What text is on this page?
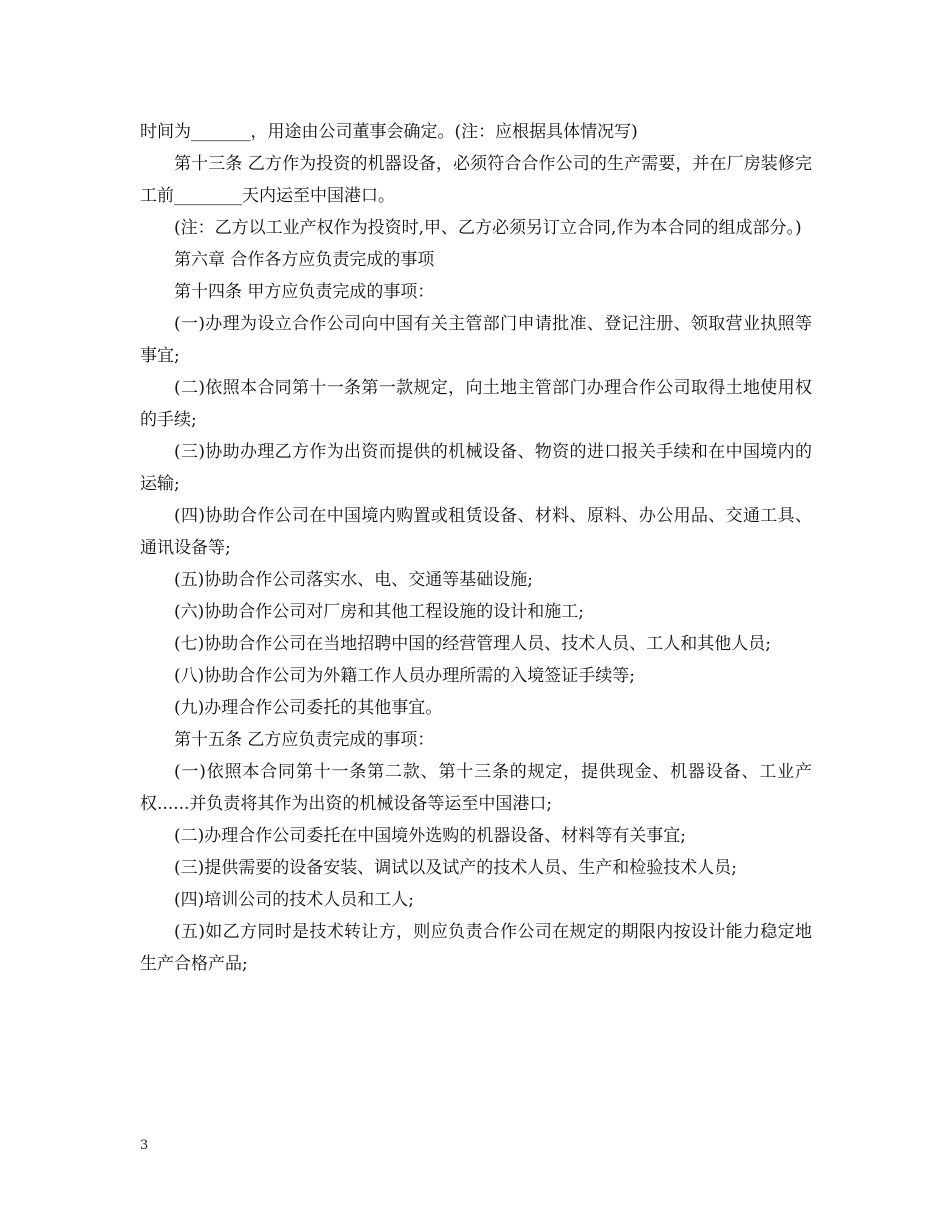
时间为_______，用途由公司董事会确定。(注：应根据具体情况写)

第十三条 乙方作为投资的机器设备，必须符合合作公司的生产需要，并在厂房装修完工前________天内运至中国港口。

(注：乙方以工业产权作为投资时,甲、乙方必须另订立合同,作为本合同的组成部分。)

第六章 合作各方应负责完成的事项

第十四条 甲方应负责完成的事项：

(一)办理为设立合作公司向中国有关主管部门申请批准、登记注册、领取营业执照等事宜;

(二)依照本合同第十一条第一款规定，向土地主管部门办理合作公司取得土地使用权的手续;

(三)协助办理乙方作为出资而提供的机械设备、物资的进口报关手续和在中国境内的运输;

(四)协助合作公司在中国境内购置或租赁设备、材料、原料、办公用品、交通工具、通讯设备等;

(五)协助合作公司落实水、电、交通等基础设施;

(六)协助合作公司对厂房和其他工程设施的设计和施工;

(七)协助合作公司在当地招聘中国的经营管理人员、技术人员、工人和其他人员;

(八)协助合作公司为外籍工作人员办理所需的入境签证手续等;

(九)办理合作公司委托的其他事宜。

第十五条 乙方应负责完成的事项：

(一)依照本合同第十一条第二款、第十三条的规定，提供现金、机器设备、工业产权......并负责将其作为出资的机械设备等运至中国港口;

(二)办理合作公司委托在中国境外选购的机器设备、材料等有关事宜;

(三)提供需要的设备安装、调试以及试产的技术人员、生产和检验技术人员;

(四)培训公司的技术人员和工人;

(五)如乙方同时是技术转让方，则应负责合作公司在规定的期限内按设计能力稳定地生产合格产品;

3
